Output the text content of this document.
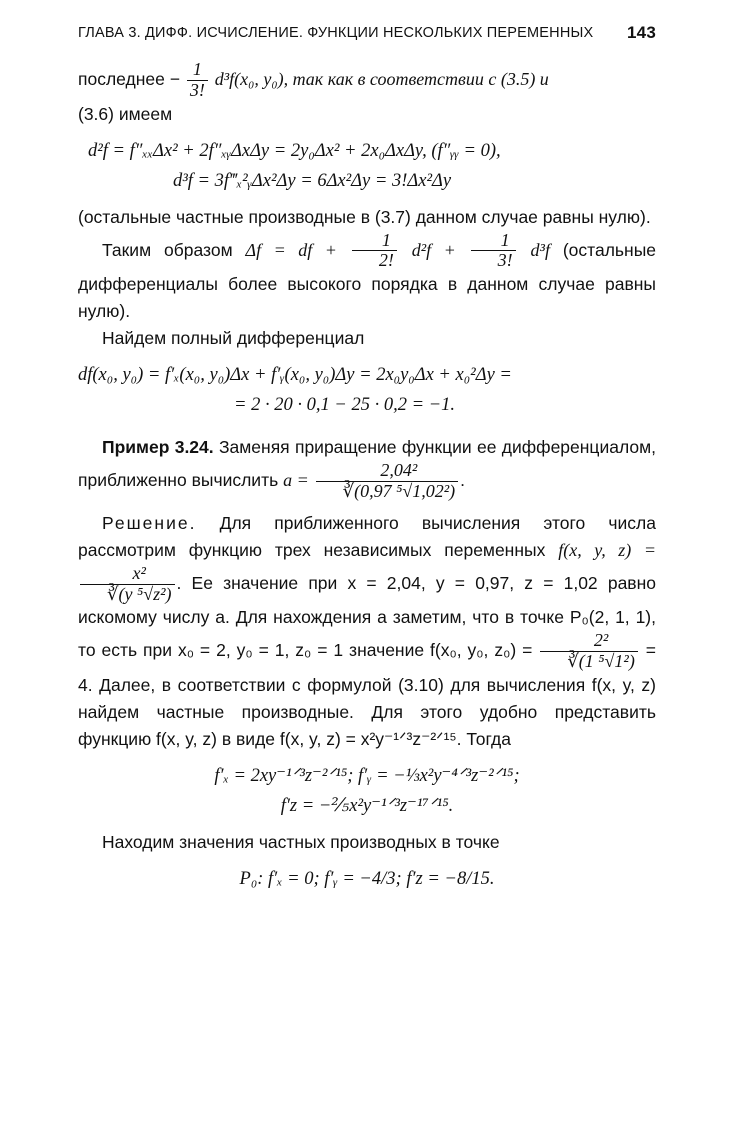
ГЛАВА 3. ДИФФ. ИСЧИСЛЕНИЕ. ФУНКЦИИ НЕСКОЛЬКИХ ПЕРЕМЕННЫХ 143

последнее − $\frac{1}{3!} d^3f(x_0$, y₀), так как в соответствии с (3.5) и
(3.6) имеем

d²f = f″ₓₓΔx² + 2f″ₓᵧΔxΔy = 2y₀Δx² + 2x₀ΔxΔy, (f″ᵧᵧ = 0),
d³f = 3f‴ₓ²ᵧΔx²Δy = 6Δx²Δy = 3!Δx²Δy

(остальные частные производные в (3.7) данном случае равны нулю).

Таким образом Δf = df + $\frac{1}{2!} d^2f + \frac{1}{3!} d^3f$ (остальные дифференциалы более высокого порядка в данном случае равны нулю).

Найдем полный дифференциал

df(x₀, y₀) = f′ₓ(x₀, y₀)Δx + f′ᵧ(x₀, y₀)Δy = 2x₀y₀Δx + x₀²Δy =
= 2 · 20 · 0,1 − 25 · 0,2 = −1.

Пример 3.24. Заменяя приращение функции ее дифференциалом, приближенно вычислить $a = \frac{\text{2,04²}}{\text{∛(0,97 ⁵√1,02²)}}$ .

Решение. Для приближенного вычисления этого числа рассмотрим функцию трех независимых переменных f(x, y, z) =
$\frac{\text{x²}}{\text{∛(y ⁵√z²)}}$ . Ее значение при x = 2,04, y = 0,97, z = 1,02 равно искомому числу a. Для нахождения a заметим, что в точке P₀(2, 1, 1), то есть при x₀ = 2, y₀ = 1, z₀ = 1 значение f(x₀, y₀, $z_0) = \frac{\text{2²}}{\text{∛(1 ⁵√1²)}} = 4$. Далее, в соответствии с формулой (3.10) для вычисления f(x, y, z) найдем частные производные. Для этого удобно представить функцию f(x, y, z) в виде f(x, y, z) = x²y⁻¹ᐟ³z⁻²ᐟ¹⁵. Тогда

f′ₓ = 2xy⁻¹ᐟ³z⁻²ᐟ¹⁵; f′ᵧ = −⅓x²y⁻⁴ᐟ³z⁻²ᐟ¹⁵;
f′z = −⅖x²y⁻¹ᐟ³z⁻¹⁷ᐟ¹⁵.

Находим значения частных производных в точке

P₀: f′ₓ = 0; f′ᵧ = −4/3; f′z = −8/15.
